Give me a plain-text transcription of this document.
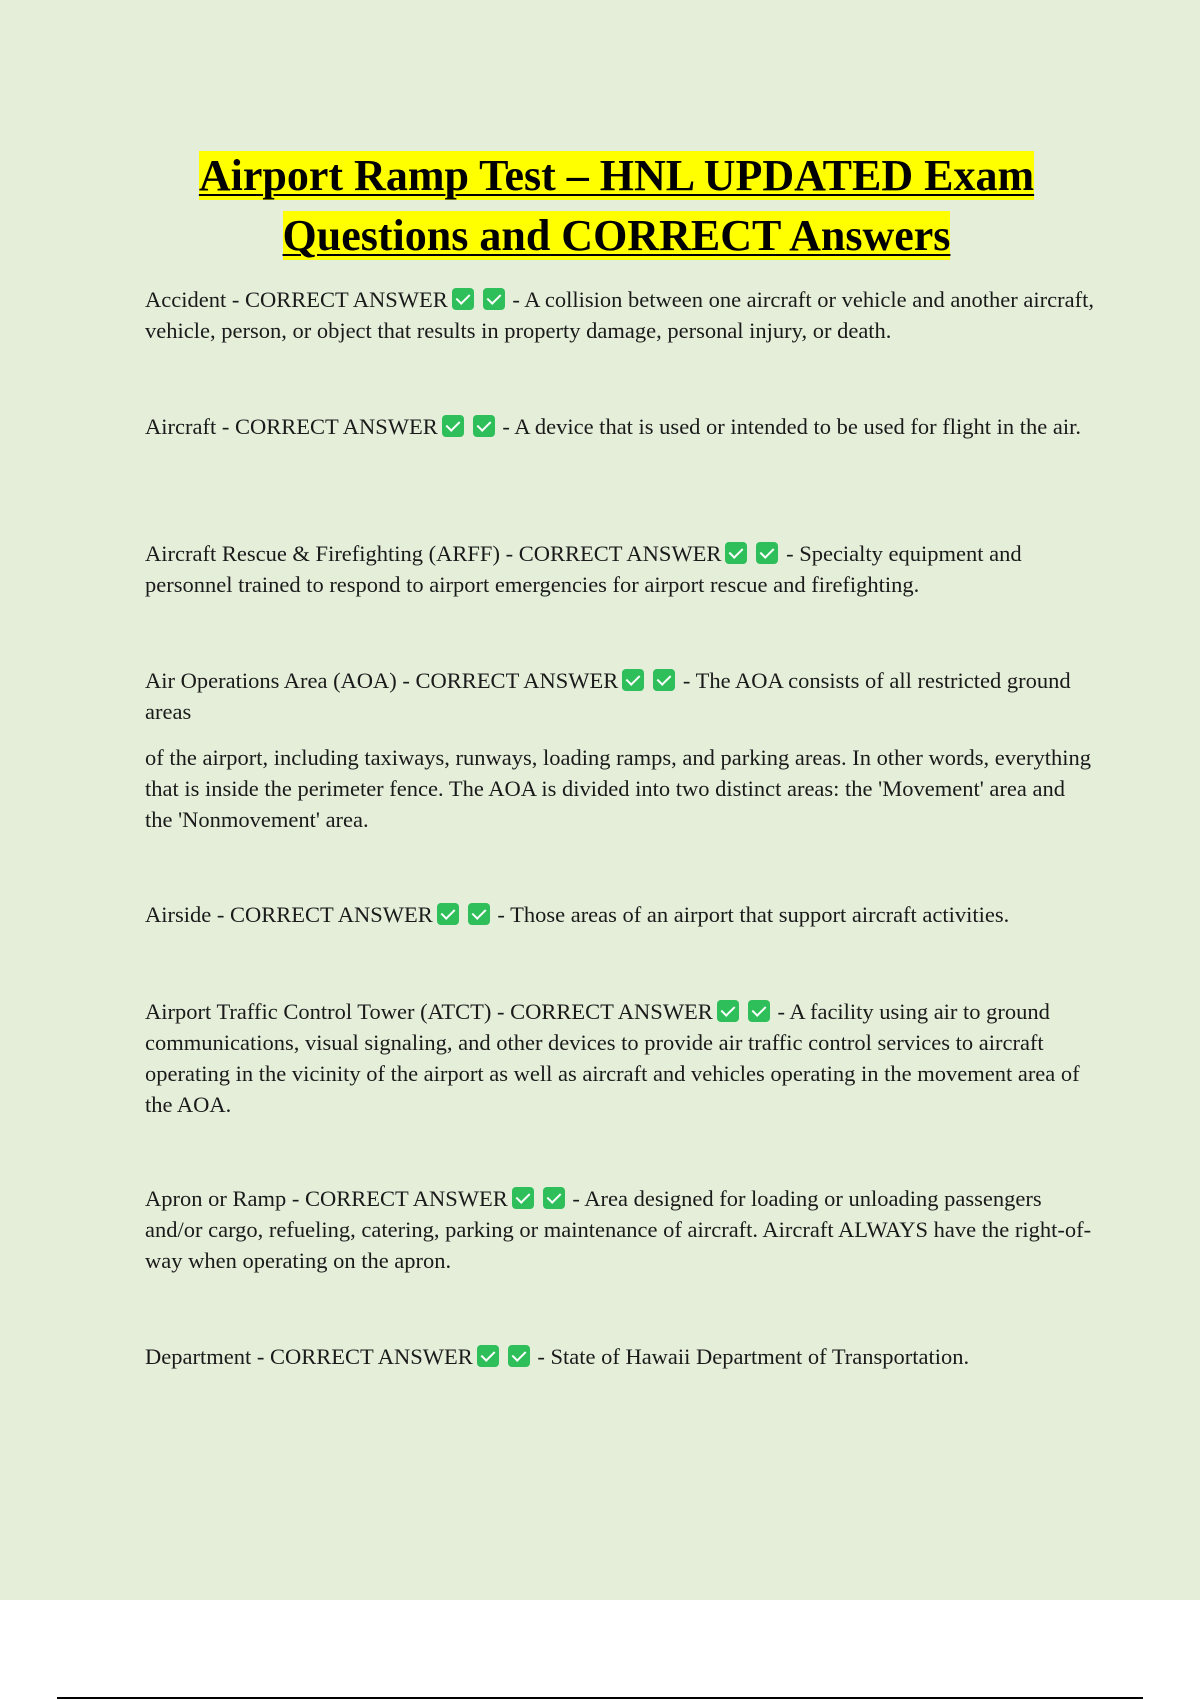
Airport Ramp Test – HNL UPDATED Exam
Questions and CORRECT Answers
Accident - CORRECT ANSWER	- A collision between one aircraft or vehicle and another aircraft, vehicle, person, or object that results in property damage, personal injury, or death.
Aircraft - CORRECT ANSWER	- A device that is used or intended to be used for flight in the air.
Aircraft Rescue & Firefighting (ARFF) - CORRECT ANSWER	- Specialty equipment and personnel trained to respond to airport emergencies for airport rescue and firefighting.
Air Operations Area (AOA) - CORRECT ANSWER	- The AOA consists of all restricted ground areas
of the airport, including taxiways, runways, loading ramps, and parking areas. In other words, everything that is inside the perimeter fence. The AOA is divided into two distinct areas: the 'Movement' area and the 'Nonmovement' area.
Airside - CORRECT ANSWER	- Those areas of an airport that support aircraft activities.
Airport Traffic Control Tower (ATCT) - CORRECT ANSWER	- A facility using air to ground communications, visual signaling, and other devices to provide air traffic control services to aircraft operating in the vicinity of the airport as well as aircraft and vehicles operating in the movement area of the AOA.
Apron or Ramp - CORRECT ANSWER	- Area designed for loading or unloading passengers and/or cargo, refueling, catering, parking or maintenance of aircraft. Aircraft ALWAYS have the right-of-way when operating on the apron.
Department - CORRECT ANSWER	- State of Hawaii Department of Transportation.
